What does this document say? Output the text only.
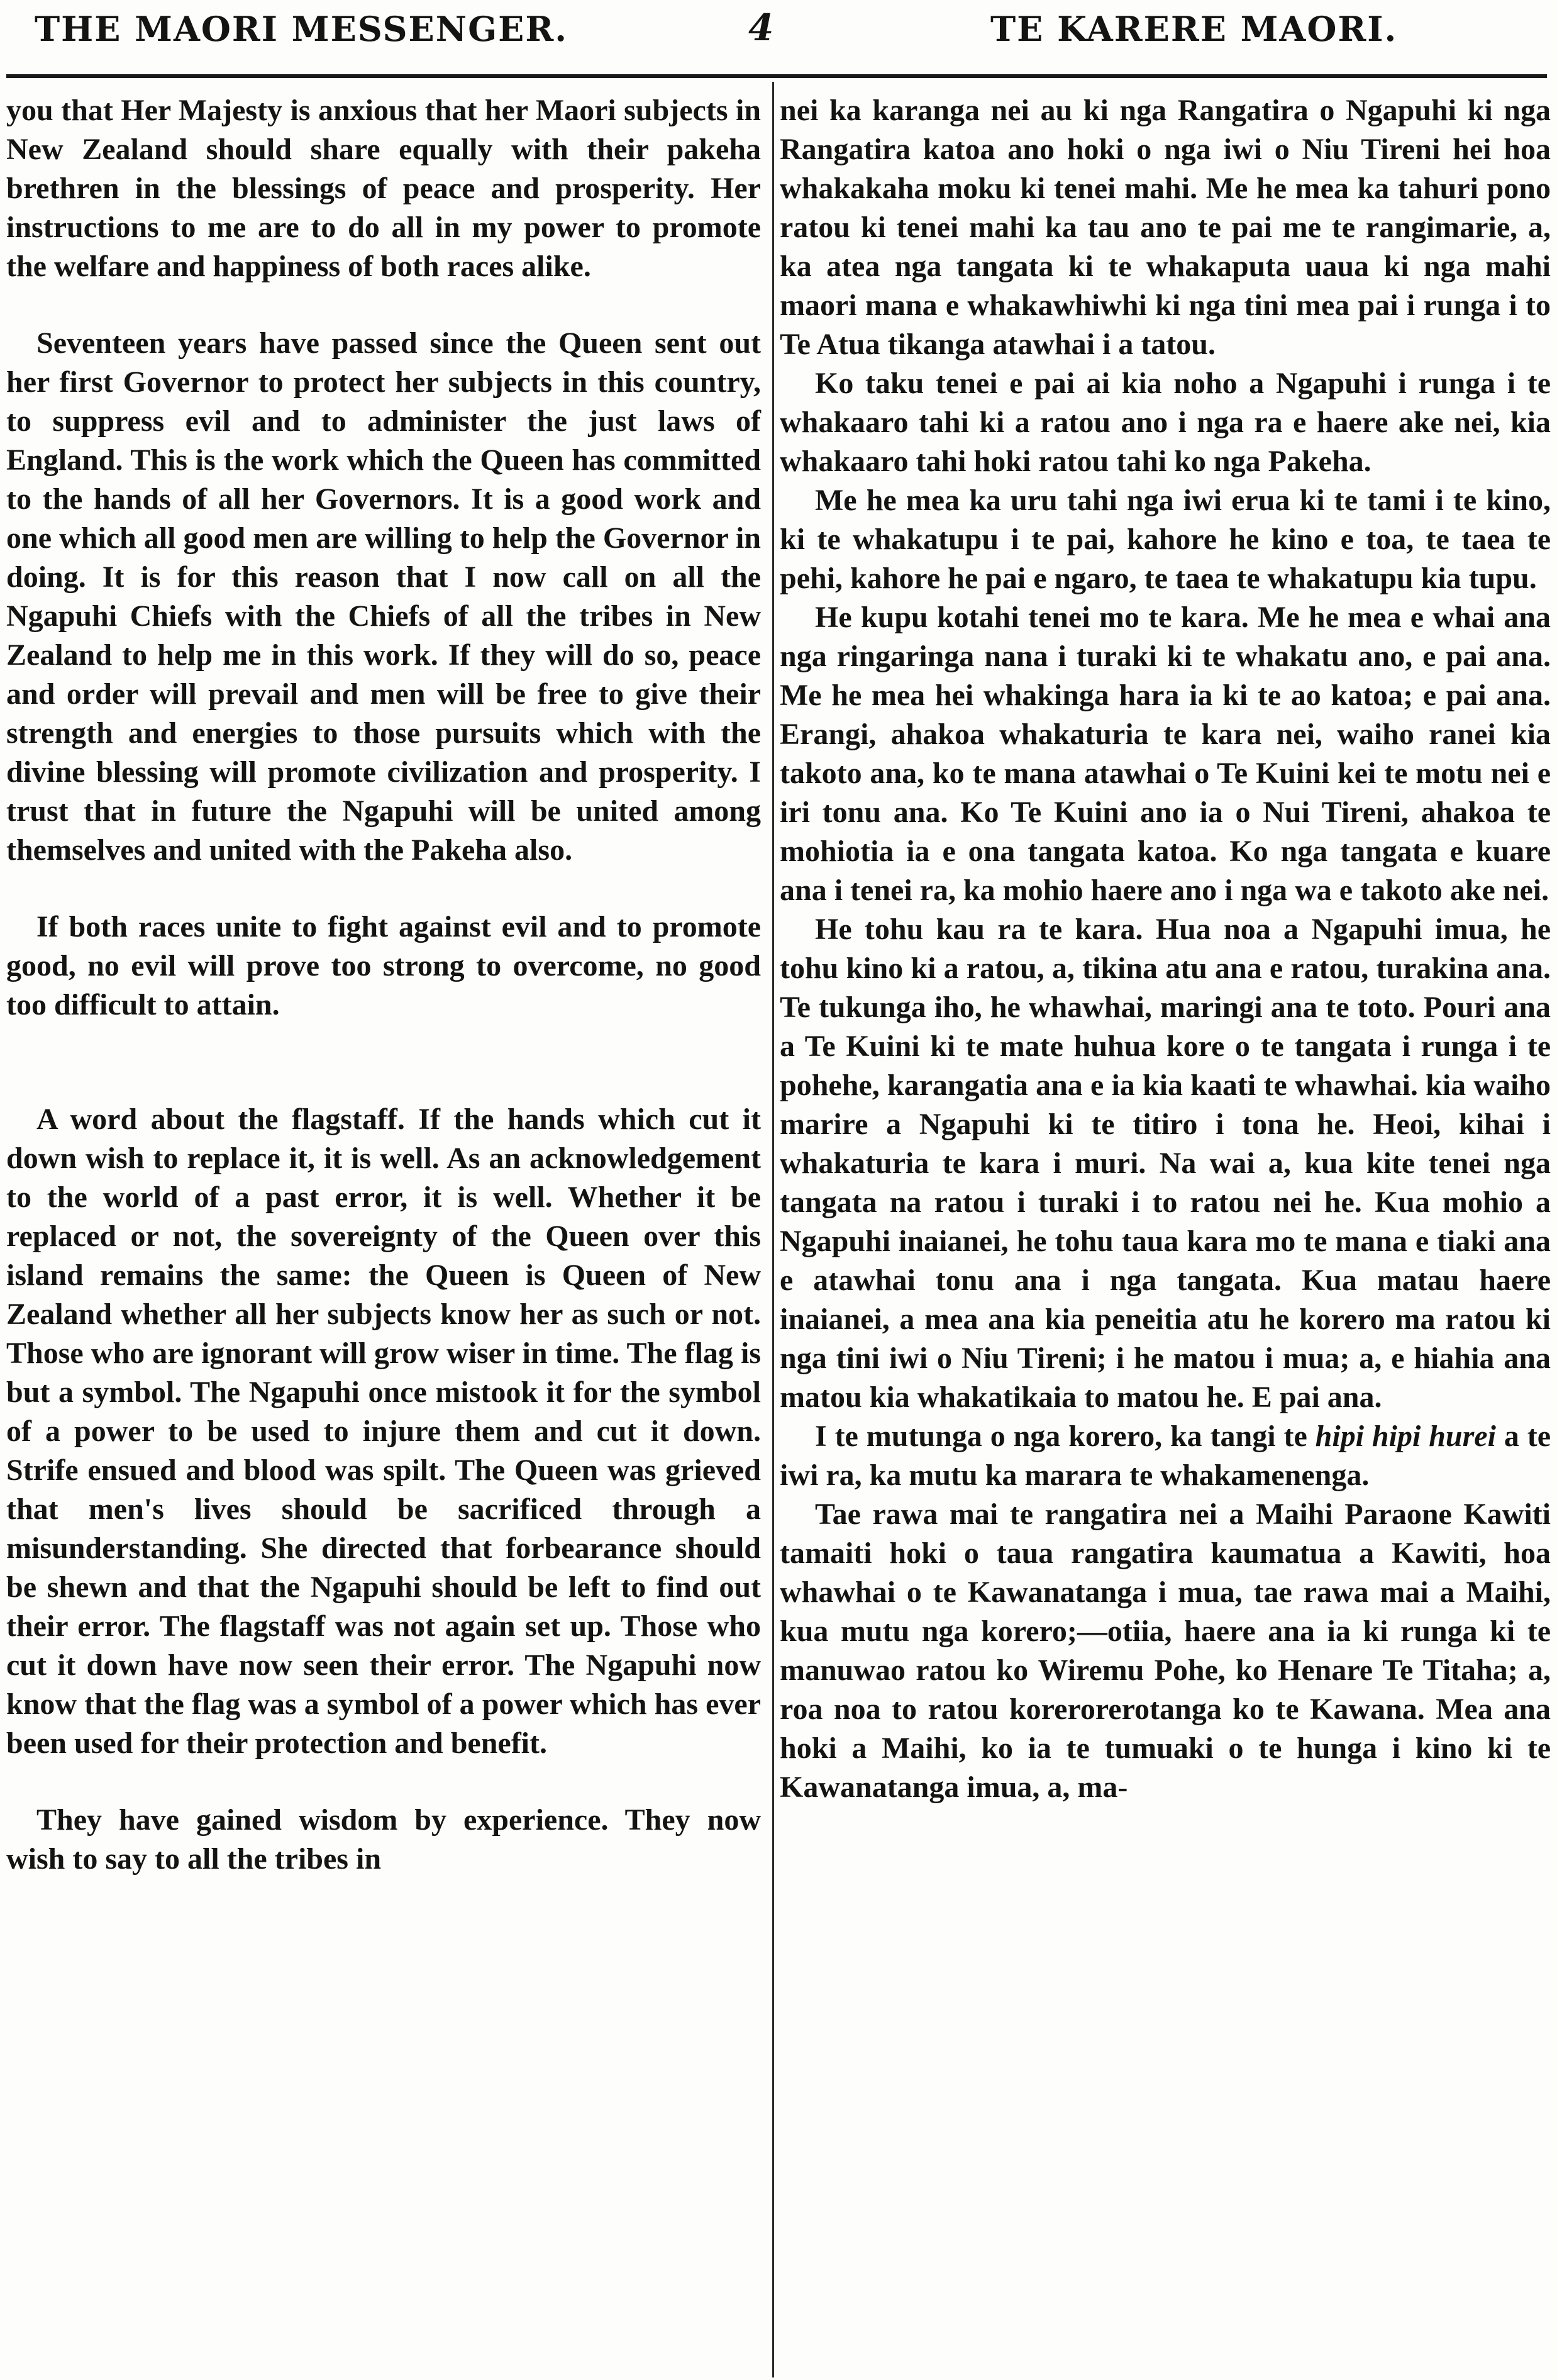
THE MAORI MESSENGER.	4	TE KARERE MAORI.

you that Her Majesty is anxious that her Maori subjects in New Zealand should share equally with their pakeha brethren in the blessings of peace and prosperity. Her instructions to me are to do all in my power to promote the welfare and happiness of both races alike.

Seventeen years have passed since the Queen sent out her first Governor to protect her subjects in this country, to suppress evil and to administer the just laws of England. This is the work which the Queen has committed to the hands of all her Governors. It is a good work and one which all good men are willing to help the Governor in doing. It is for this reason that I now call on all the Ngapuhi Chiefs with the Chiefs of all the tribes in New Zealand to help me in this work. If they will do so, peace and order will prevail and men will be free to give their strength and energies to those pursuits which with the divine blessing will promote civilization and prosperity. I trust that in future the Ngapuhi will be united among themselves and united with the Pakeha also.

If both races unite to fight against evil and to promote good, no evil will prove too strong to overcome, no good too difficult to attain.

A word about the flagstaff. If the hands which cut it down wish to replace it, it is well. As an acknowledgement to the world of a past error, it is well. Whether it be replaced or not, the sovereignty of the Queen over this island remains the same: the Queen is Queen of New Zealand whether all her subjects know her as such or not. Those who are ignorant will grow wiser in time. The flag is but a symbol. The Ngapuhi once mistook it for the symbol of a power to be used to injure them and cut it down. Strife ensued and blood was spilt. The Queen was grieved that men's lives should be sacrificed through a misunderstanding. She directed that forbearance should be shewn and that the Ngapuhi should be left to find out their error. The flagstaff was not again set up. Those who cut it down have now seen their error. The Ngapuhi now know that the flag was a symbol of a power which has ever been used for their protection and benefit.

They have gained wisdom by experience. They now wish to say to all the tribes in

nei ka karanga nei au ki nga Rangatira o Ngapuhi ki nga Rangatira katoa ano hoki o nga iwi o Niu Tireni hei hoa whakakaha moku ki tenei mahi. Me he mea ka tahuri pono ratou ki tenei mahi ka tau ano te pai me te rangimarie, a, ka atea nga tangata ki te whakaputa uaua ki nga mahi maori mana e whakawhiwhi ki nga tini mea pai i runga i to Te Atua tikanga atawhai i a tatou.

Ko taku tenei e pai ai kia noho a Ngapuhi i runga i te whakaaro tahi ki a ratou ano i nga ra e haere ake nei, kia whakaaro tahi hoki ratou tahi ko nga Pakeha.

Me he mea ka uru tahi nga iwi erua ki te tami i te kino, ki te whakatupu i te pai, kahore he kino e toa, te taea te pehi, kahore he pai e ngaro, te taea te whakatupu kia tupu.

He kupu kotahi tenei mo te kara. Me he mea e whai ana nga ringaringa nana i turaki ki te whakatu ano, e pai ana. Me he mea hei whakinga hara ia ki te ao katoa; e pai ana. Erangi, ahakoa whakaturia te kara nei, waiho ranei kia takoto ana, ko te mana atawhai o Te Kuini kei te motu nei e iri tonu ana. Ko Te Kuini ano ia o Nui Tireni, ahakoa te mohiotia ia e ona tangata katoa. Ko nga tangata e kuare ana i tenei ra, ka mohio haere ano i nga wa e takoto ake nei.

He tohu kau ra te kara. Hua noa a Ngapuhi imua, he tohu kino ki a ratou, a, tikina atu ana e ratou, turakina ana. Te tukunga iho, he whawhai, maringi ana te toto. Pouri ana a Te Kuini ki te mate huhua kore o te tangata i runga i te pohehe, karangatia ana e ia kia kaati te whawhai. kia waiho marire a Ngapuhi ki te titiro i tona he. Heoi, kihai i whakaturia te kara i muri. Na wai a, kua kite tenei nga tangata na ratou i turaki i to ratou nei he. Kua mohio a Ngapuhi inaianei, he tohu taua kara mo te mana e tiaki ana e atawhai tonu ana i nga tangata. Kua matau haere inaianei, a mea ana kia peneitia atu he korero ma ratou ki nga tini iwi o Niu Tireni; i he matou i mua; a, e hiahia ana matou kia whakatikaia to matou he. E pai ana.

I te mutunga o nga korero, ka tangi te hipi hipi hurei a te iwi ra, ka mutu ka marara te whakamenenga.

Tae rawa mai te rangatira nei a Maihi Paraone Kawiti tamaiti hoki o taua rangatira kaumatua a Kawiti, hoa whawhai o te Kawanatanga i mua, tae rawa mai a Maihi, kua mutu nga korero;—otiia, haere ana ia ki runga ki te manuwao ratou ko Wiremu Pohe, ko Henare Te Titaha; a, roa noa to ratou korerorerotanga ko te Kawana. Mea ana hoki a Maihi, ko ia te tumuaki o te hunga i kino ki te Kawanatanga imua, a, ma-
